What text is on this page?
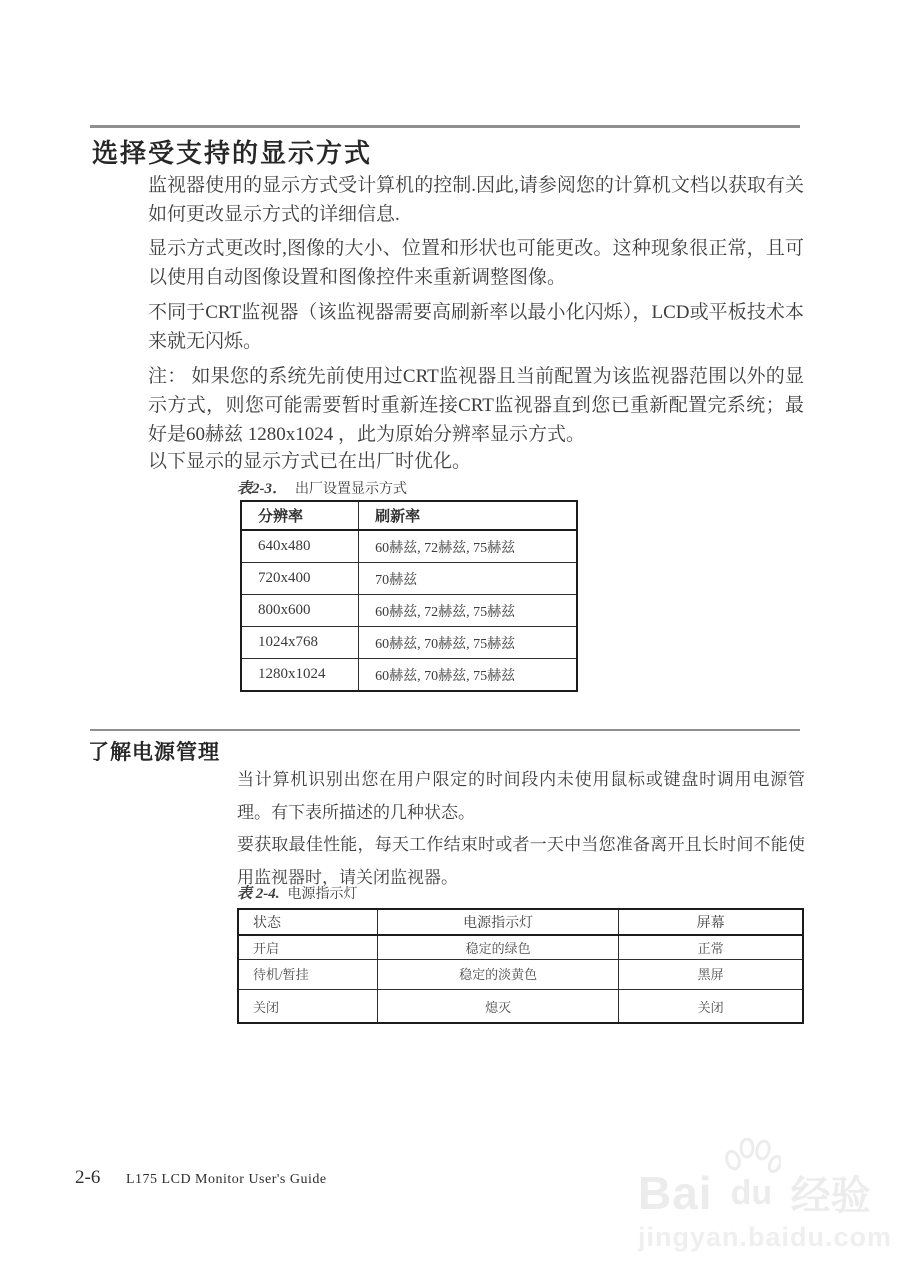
选择受支持的显示方式
监视器使用的显示方式受计算机的控制.因此,请参阅您的计算机文档以获取有关如何更改显示方式的详细信息.
显示方式更改时,图像的大小、位置和形状也可能更改。这种现象很正常，且可以使用自动图像设置和图像控件来重新调整图像。
不同于CRT监视器（该监视器需要高刷新率以最小化闪烁），LCD或平板技术本来就无闪烁。
注： 如果您的系统先前使用过CRT监视器且当前配置为该监视器范围以外的显示方式，则您可能需要暂时重新连接CRT监视器直到您已重新配置完系统；最好是60赫兹 1280x1024 ，此为原始分辨率显示方式。
以下显示的显示方式已在出厂时优化。
表2-3． 出厂设置显示方式
分辨率	刷新率
640x480	60赫兹, 72赫兹, 75赫兹
720x400	70赫兹
800x600	60赫兹, 72赫兹, 75赫兹
1024x768	60赫兹, 70赫兹, 75赫兹
1280x1024	60赫兹, 70赫兹, 75赫兹
了解电源管理
当计算机识别出您在用户限定的时间段内未使用鼠标或键盘时调用电源管理。有下表所描述的几种状态。
要获取最佳性能，每天工作结束时或者一天中当您准备离开且长时间不能使用监视器时，请关闭监视器。
表 2-4. 电源指示灯
状态	电源指示灯	屏幕
开启	稳定的绿色	正常
待机/暂挂	稳定的淡黄色	黑屏
关闭	熄灭	关闭
2-6 L175 LCD Monitor User's Guide	Bai du 经验
jingyan.baidu.com
